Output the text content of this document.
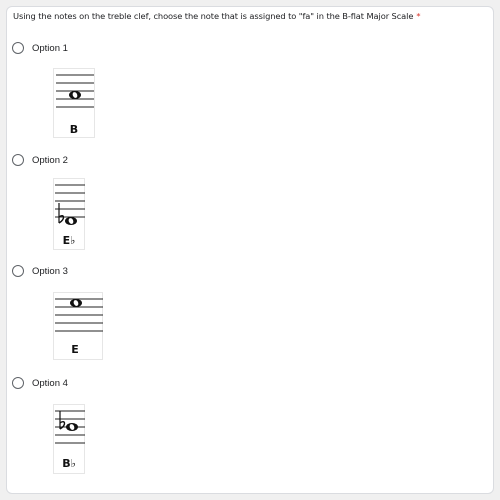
Using the notes on the treble clef, choose the note that is assigned to "fa" in the B-flat Major Scale *
Option 1
B
Option 2
E♭
Option 3
E
Option 4
B♭
